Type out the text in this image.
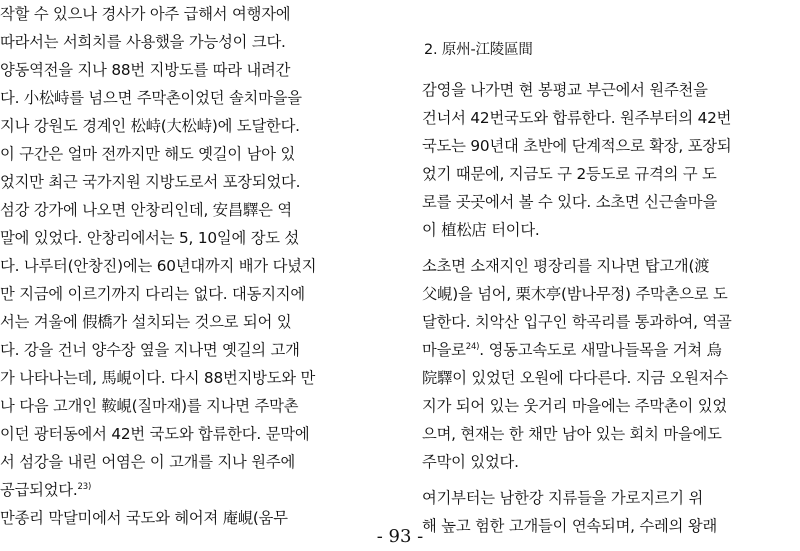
작할 수 있으나 경사가 아주 급해서 여행자에
따라서는 서희치를 사용했을 가능성이 크다.

양동역전을 지나 88번 지방도를 따라 내려간
다. 小松峙를 넘으면 주막촌이었던 솔치마을을
지나 강원도 경계인 松峙(大松峙)에 도달한다.
이 구간은 얼마 전까지만 해도 옛길이 남아 있
었지만 최근 국가지원 지방도로서 포장되었다.

섬강 강가에 나오면 안창리인데, 安昌驛은 역
말에 있었다. 안창리에서는 5, 10일에 장도 섰
다. 나루터(안창진)에는 60년대까지 배가 다녔지
만 지금에 이르기까지 다리는 없다. 대동지지에
서는 겨울에 假橋가 설치되는 것으로 되어 있
다. 강을 건너 양수장 옆을 지나면 옛길의 고개
가 나타나는데, 馬峴이다. 다시 88번지방도와 만
나 다음 고개인 鞍峴(질마재)를 지나면 주막촌
이던 광터동에서 42번 국도와 합류한다. 문막에
서 섬강을 내린 어염은 이 고개를 지나 원주에
공급되었다.$^{23)}$

만종리 막달미에서 국도와 헤어져 庵峴(움무

2. 原州-江陵區間

감영을 나가면 현 봉평교 부근에서 원주천을
건너서 42번국도와 합류한다. 원주부터의 42번
국도는 90년대 초반에 단계적으로 확장, 포장되
었기 때문에, 지금도 구 2등도로 규격의 구 도
로를 곳곳에서 볼 수 있다. 소초면 신근솔마을
이 植松店 터이다.

소초면 소재지인 평장리를 지나면 탑고개(渡
父峴)을 넘어, 栗木亭(밤나무정) 주막촌으로 도
달한다. 치악산 입구인 학곡리를 통과하여, 역골
마을로$^{24)}$. 영동고속도로 새말나들목을 거쳐 烏
院驛이 있었던 오원에 다다른다. 지금 오원저수
지가 되어 있는 웃거리 마을에는 주막촌이 있었
으며, 현재는 한 채만 남아 있는 회치 마을에도
주막이 있었다.

여기부터는 남한강 지류들을 가로지르기 위
해 높고 험한 고개들이 연속되며, 수레의 왕래

- 93 -
